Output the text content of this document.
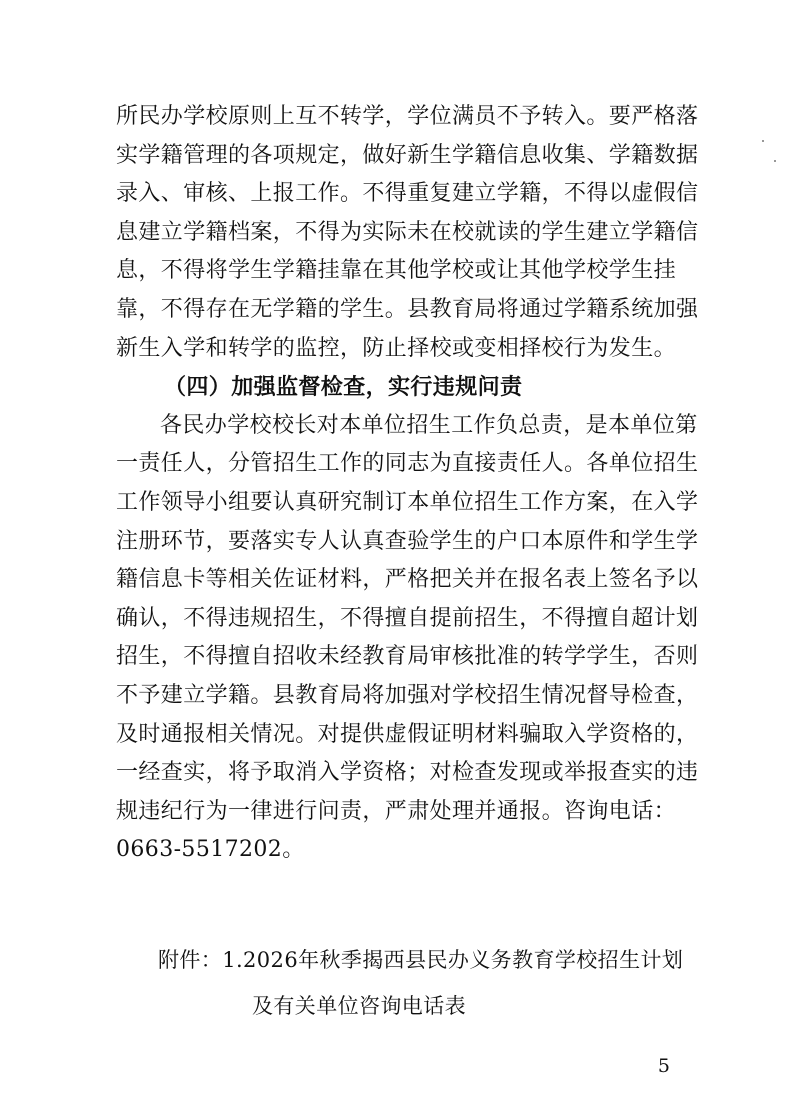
所民办学校原则上互不转学，学位满员不予转入。要严格落
实学籍管理的各项规定，做好新生学籍信息收集、学籍数据
录入、审核、上报工作。不得重复建立学籍，不得以虚假信
息建立学籍档案，不得为实际未在校就读的学生建立学籍信
息，不得将学生学籍挂靠在其他学校或让其他学校学生挂
靠，不得存在无学籍的学生。县教育局将通过学籍系统加强
新生入学和转学的监控，防止择校或变相择校行为发生。
（四）加强监督检查，实行违规问责
各民办学校校长对本单位招生工作负总责，是本单位第
一责任人，分管招生工作的同志为直接责任人。各单位招生
工作领导小组要认真研究制订本单位招生工作方案，在入学
注册环节，要落实专人认真查验学生的户口本原件和学生学
籍信息卡等相关佐证材料，严格把关并在报名表上签名予以
确认，不得违规招生，不得擅自提前招生，不得擅自超计划
招生，不得擅自招收未经教育局审核批准的转学学生，否则
不予建立学籍。县教育局将加强对学校招生情况督导检查，
及时通报相关情况。对提供虚假证明材料骗取入学资格的，
一经查实，将予取消入学资格；对检查发现或举报查实的违
规违纪行为一律进行问责，严肃处理并通报。咨询电话：
0663-5517202。
附件：1.2026年秋季揭西县民办义务教育学校招生计划
及有关单位咨询电话表
5
